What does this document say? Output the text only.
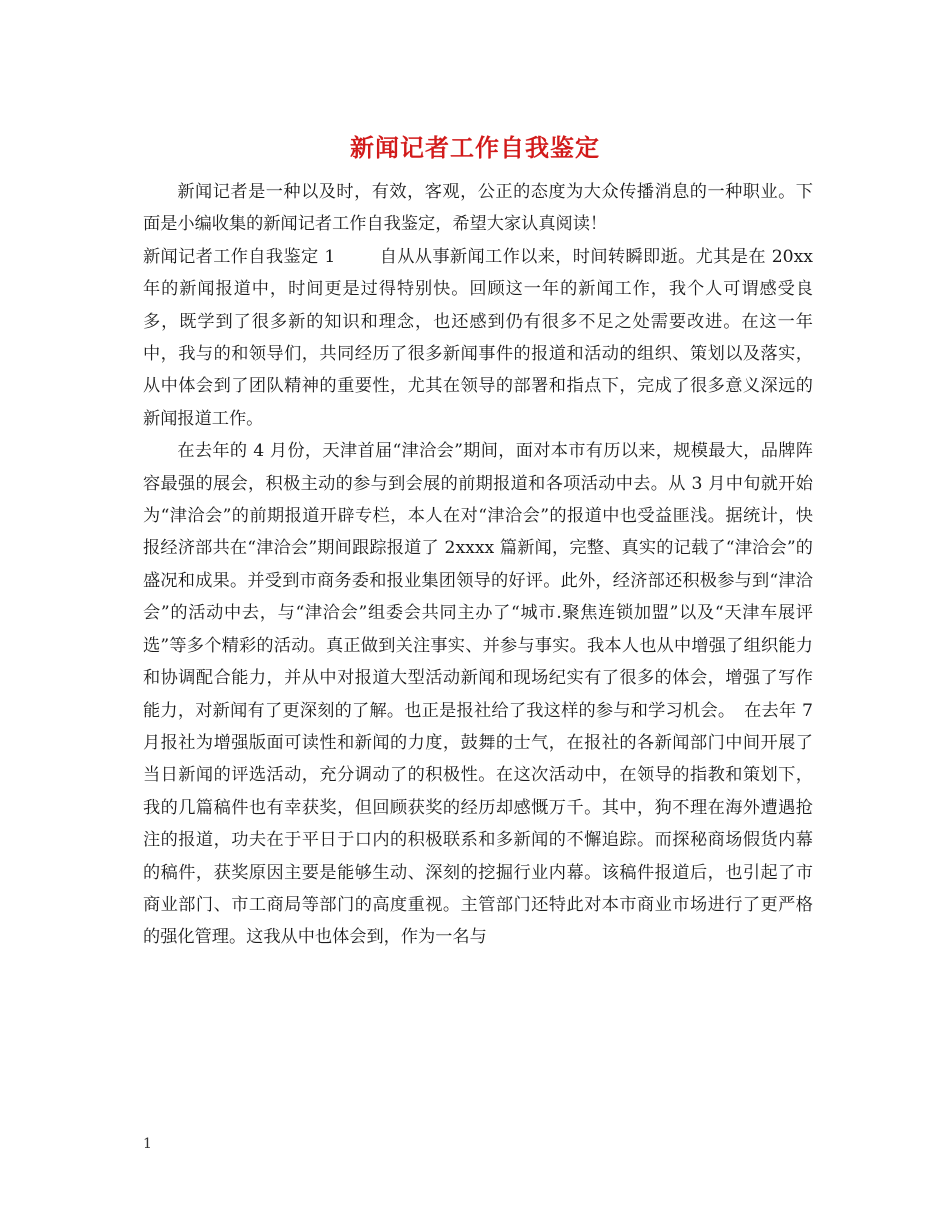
新闻记者工作自我鉴定

新闻记者是一种以及时，有效，客观，公正的态度为大众传播消息的一种职业。下面是小编收集的新闻记者工作自我鉴定，希望大家认真阅读！

新闻记者工作自我鉴定 1	自从从事新闻工作以来，时间转瞬即逝。尤其是在 20xx 年的新闻报道中，时间更是过得特别快。回顾这一年的新闻工作，我个人可谓感受良多，既学到了很多新的知识和理念，也还感到仍有很多不足之处需要改进。在这一年中，我与的和领导们，共同经历了很多新闻事件的报道和活动的组织、策划以及落实，从中体会到了团队精神的重要性，尤其在领导的部署和指点下，完成了很多意义深远的新闻报道工作。

在去年的 4 月份，天津首届“津洽会”期间，面对本市有历以来，规模最大，品牌阵容最强的展会，积极主动的参与到会展的前期报道和各项活动中去。从 3 月中旬就开始为“津洽会”的前期报道开辟专栏，本人在对“津洽会”的报道中也受益匪浅。据统计，快报经济部共在“津洽会”期间跟踪报道了 2xxxx 篇新闻，完整、真实的记载了“津洽会”的盛况和成果。并受到市商务委和报业集团领导的好评。此外，经济部还积极参与到“津洽会”的活动中去，与“津洽会”组委会共同主办了“城市.聚焦连锁加盟”以及“天津车展评选”等多个精彩的活动。真正做到关注事实、并参与事实。我本人也从中增强了组织能力和协调配合能力，并从中对报道大型活动新闻和现场纪实有了很多的体会，增强了写作能力，对新闻有了更深刻的了解。也正是报社给了我这样的参与和学习机会。　在去年 7 月报社为增强版面可读性和新闻的力度，鼓舞的士气，在报社的各新闻部门中间开展了当日新闻的评选活动，充分调动了的积极性。在这次活动中，在领导的指教和策划下，我的几篇稿件也有幸获奖，但回顾获奖的经历却感慨万千。其中，狗不理在海外遭遇抢注的报道，功夫在于平日于口内的积极联系和多新闻的不懈追踪。而探秘商场假货内幕的稿件，获奖原因主要是能够生动、深刻的挖掘行业内幕。该稿件报道后，也引起了市商业部门、市工商局等部门的高度重视。主管部门还特此对本市商业市场进行了更严格的强化管理。这我从中也体会到，作为一名与

1
